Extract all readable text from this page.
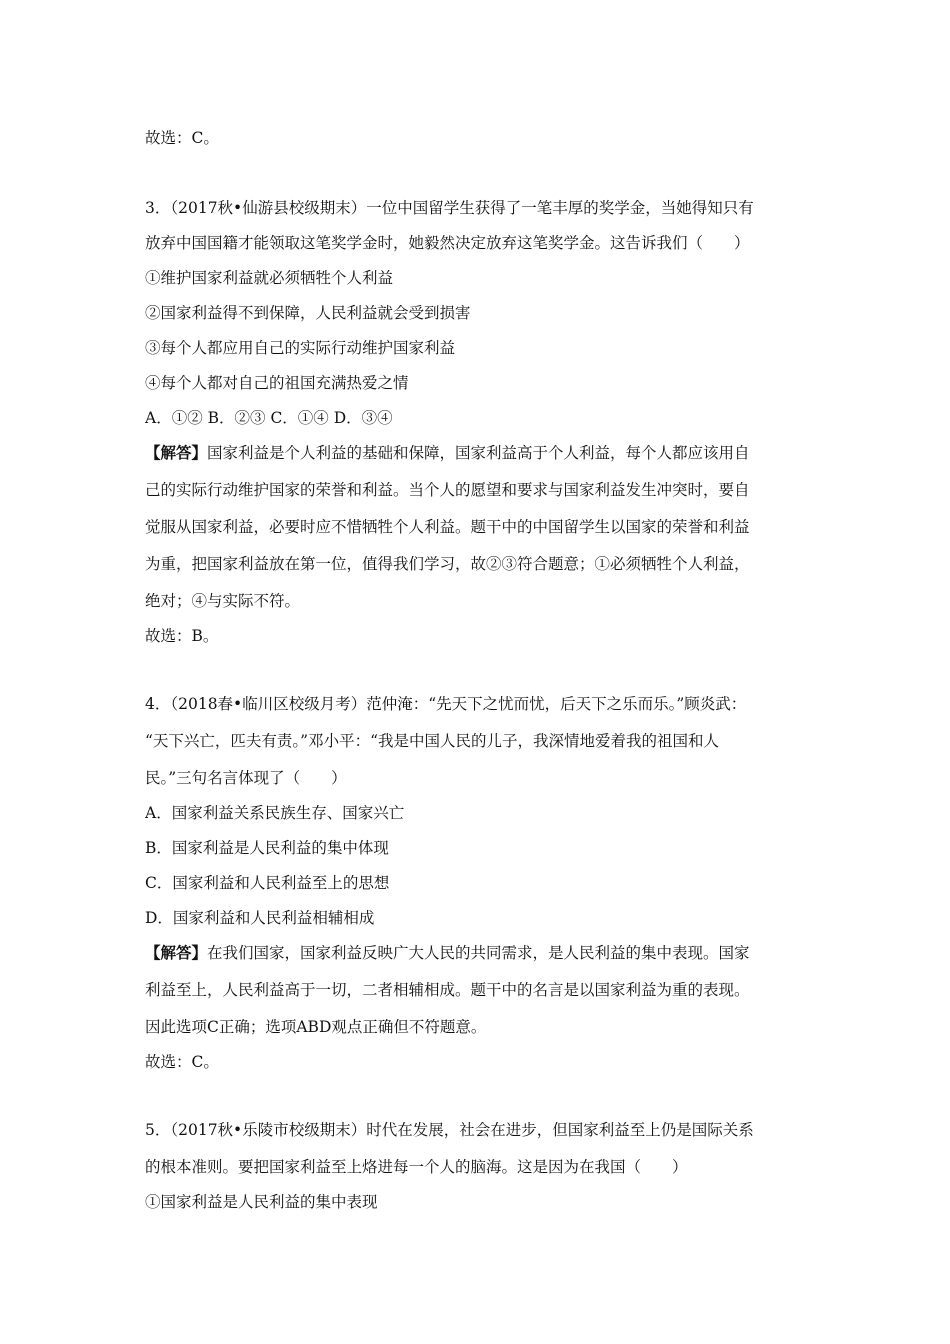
故选：C。
3．（2017秋•仙游县校级期末）一位中国留学生获得了一笔丰厚的奖学金，当她得知只有
放弃中国国籍才能领取这笔奖学金时，她毅然决定放弃这笔奖学金。这告诉我们（　　）
①维护国家利益就必须牺牲个人利益
②国家利益得不到保障，人民利益就会受到损害
③每个人都应用自己的实际行动维护国家利益
④每个人都对自己的祖国充满热爱之情
A．①② B．②③ C．①④ D．③④
【解答】国家利益是个人利益的基础和保障，国家利益高于个人利益，每个人都应该用自
己的实际行动维护国家的荣誉和利益。当个人的愿望和要求与国家利益发生冲突时，要自
觉服从国家利益，必要时应不惜牺牲个人利益。题干中的中国留学生以国家的荣誉和利益
为重，把国家利益放在第一位，值得我们学习，故②③符合题意；①必须牺牲个人利益，
绝对；④与实际不符。
故选：B。
4．（2018春•临川区校级月考）范仲淹：“先天下之忧而忧，后天下之乐而乐。”顾炎武：
“天下兴亡，匹夫有责。”邓小平：“我是中国人民的儿子，我深情地爱着我的祖国和人
民。”三句名言体现了（　　）
A．国家利益关系民族生存、国家兴亡
B．国家利益是人民利益的集中体现
C．国家利益和人民利益至上的思想
D．国家利益和人民利益相辅相成
【解答】在我们国家，国家利益反映广大人民的共同需求，是人民利益的集中表现。国家
利益至上，人民利益高于一切，二者相辅相成。题干中的名言是以国家利益为重的表现。
因此选项C正确；选项ABD观点正确但不符题意。
故选：C。
5．（2017秋•乐陵市校级期末）时代在发展，社会在进步，但国家利益至上仍是国际关系
的根本准则。要把国家利益至上烙进每一个人的脑海。这是因为在我国（　　）
①国家利益是人民利益的集中表现
